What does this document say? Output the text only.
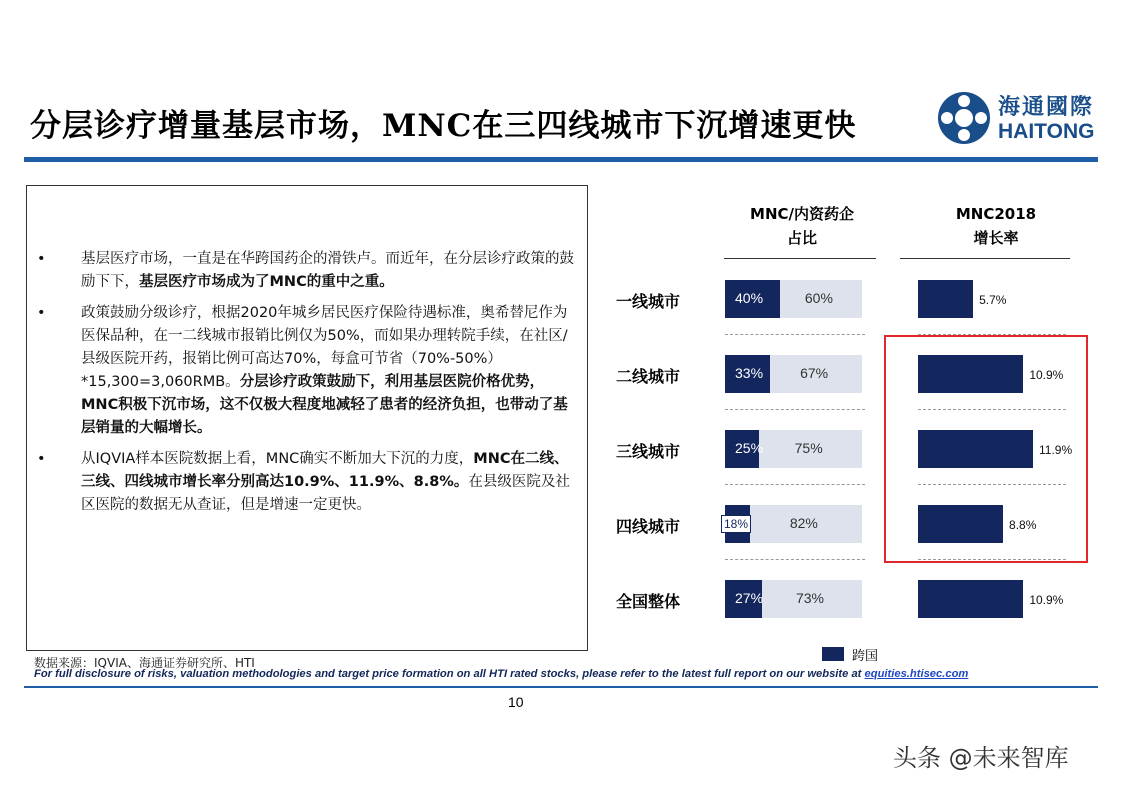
分层诊疗增量基层市场，MNC在三四线城市下沉增速更快
海通國際
HAITONG
• 基层医疗市场，一直是在华跨国药企的滑铁卢。而近年，在分层诊疗政策的鼓励下下，基层医疗市场成为了MNC的重中之重。
• 政策鼓励分级诊疗，根据2020年城乡居民医疗保险待遇标准，奥希替尼作为医保品种，在一二线城市报销比例仅为50%，而如果办理转院手续，在社区/县级医院开药，报销比例可高达70%，每盒可节省（70%-50%）*15,300=3,060RMB。分层诊疗政策鼓励下，利用基层医院价格优势，MNC积极下沉市场，这不仅极大程度地减轻了患者的经济负担，也带动了基层销量的大幅增长。
• 从IQVIA样本医院数据上看，MNC确实不断加大下沉的力度，MNC在二线、三线、四线城市增长率分别高达10.9%、11.9%、8.8%。在县级医院及社区医院的数据无从查证，但是增速一定更快。
MNC/内资药企
占比
MNC2018
增长率
一线城市	40%	60%	5.7%
二线城市	33%	67%	10.9%
三线城市	25% 75%	11.9%
四线城市	18%	82%	8.8%
全国整体	27% 73%	10.9%
跨国
数据来源：IQVIA、海通证券研究所、HTI
For full disclosure of risks, valuation methodologies and target price formation on all HTI rated stocks, please refer to the latest full report on our website at equities.htisec.com
10
头条 @未来智库
